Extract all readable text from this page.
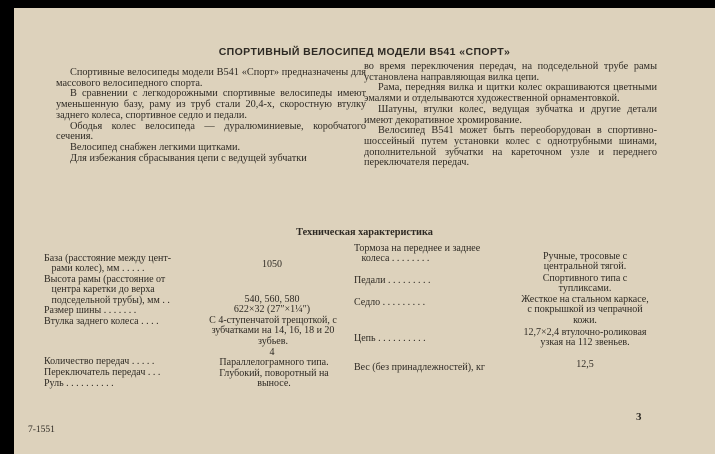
СПОРТИВНЫЙ ВЕЛОСИПЕД МОДЕЛИ В541 «СПОРТ»

Спортивные велосипеды модели В541 «Спорт» предназначены для массового велосипедного спорта.

В сравнении с легкодорожными спортивные велосипеды имеют уменьшенную базу, раму из труб стали 20,4-х, скоростную втулку заднего колеса, спортивное седло и педали.

Ободья колес велосипеда — дуралюминиевые, коробчатого сечения.

Велосипед снабжен легкими щитками.

Для избежания сбрасывания цепи с ведущей зубчатки

во время переключения передач, на подседельной трубе рамы установлена направляющая вилка цепи.

Рама, передняя вилка и щитки колес окрашиваются цветными эмалями и отделываются художественной орнаментовкой.

Шатуны, втулки колес, ведущая зубчатка и другие детали имеют декоративное хромирование.

Велосипед В541 может быть переоборудован в спортивно-шоссейный путем установки колес с однотрубными шинами, дополнительной зубчатки на кареточном узле и переднего переключателя передач.

Техническая характеристика
База (расстояние между цент-
рами колес), мм . . . . .	1050
Высота рамы (расстояние от
центра каретки до верха
подседельной трубы), мм . .	540, 560, 580
Размер шины . . . . . . .	622×32 (27″×1¼″)
Втулка заднего колеса . . . .	С 4-ступенчатой трещоткой, с зубчатками на 14, 16, 18 и 20 зубьев.
Количество передач . . . . .
4
Переключатель передач . . .
Параллелограмного типа.
Руль . . . . . . . . . .
Глубокий, поворотный на выносе.
Тормоза на переднее и заднее
колеса . . . . . . . .	Ручные, тросовые с центральной тягой.
Педали . . . . . . . . .	Спортивного типа с тупликсами.
Седло . . . . . . . . .	Жесткое на стальном каркасе, с покрышкой из чепрачной кожи.
Цепь . . . . . . . . . .
12,7×2,4 втулочно-роликовая узкая на 112 звеньев.
Вес (без принадлежностей), кг	12,5
3
7-1551
